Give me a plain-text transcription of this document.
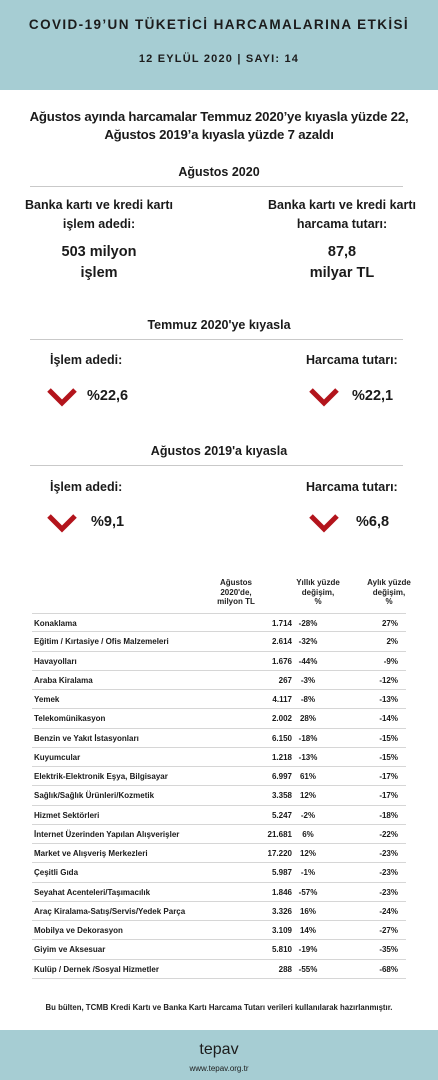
COVID-19’UN TÜKETİCİ HARCAMALARINA ETKİSİ
12 EYLÜL 2020 | SAYI: 14
Ağustos ayında harcamalar Temmuz 2020’ye kıyasla yüzde 22,
Ağustos 2019’a kıyasla yüzde 7 azaldı
Ağustos 2020
Banka kartı ve kredi kartı
işlem adedi:
Banka kartı ve kredi kartı
harcama tutarı:
503 milyon
işlem
87,8
milyar TL
Temmuz 2020'ye kıyasla
İşlem adedi:	Harcama tutarı:
%22,6	%22,1
Ağustos 2019'a kıyasla
İşlem adedi:	Harcama tutarı:
%9,1	%6,8
Ağustos
2020'de,
milyon TL
Yıllık yüzde
değişim,
%
Aylık yüzde
değişim,
%
Konaklama	1.714 -28%	27%
Eğitim / Kırtasiye / Ofis Malzemeleri	2.614 -32%	2%
Havayolları	1.676 -44%	-9%
Araba Kiralama	267	-3%	-12%
Yemek	4.117	-8%	-13%
Telekomünikasyon	2.002 28%	-14%
Benzin ve Yakıt İstasyonları	6.150 -18%	-15%
Kuyumcular	1.218 -13%	-15%
Elektrik-Elektronik Eşya, Bilgisayar	6.997 61%	-17%
Sağlık/Sağlık Ürünleri/Kozmetik	3.358 12%	-17%
Hizmet Sektörleri	5.247	-2%	-18%
İnternet Üzerinden Yapılan Alışverişler	21.681	6%	-22%
Market ve Alışveriş Merkezleri	17.220 12%	-23%
Çeşitli Gıda	5.987	-1%	-23%
Seyahat Acenteleri/Taşımacılık	1.846 -57%	-23%
Araç Kiralama-Satış/Servis/Yedek Parça	3.326 16%	-24%
Mobilya ve Dekorasyon	3.109 14%	-27%
Giyim ve Aksesuar	5.810 -19%	-35%
Kulüp / Dernek /Sosyal Hizmetler	288 -55%	-68%
Bu bülten, TCMB Kredi Kartı ve Banka Kartı Harcama Tutarı verileri kullanılarak hazırlanmıştır.
tepav
www.tepav.org.tr
